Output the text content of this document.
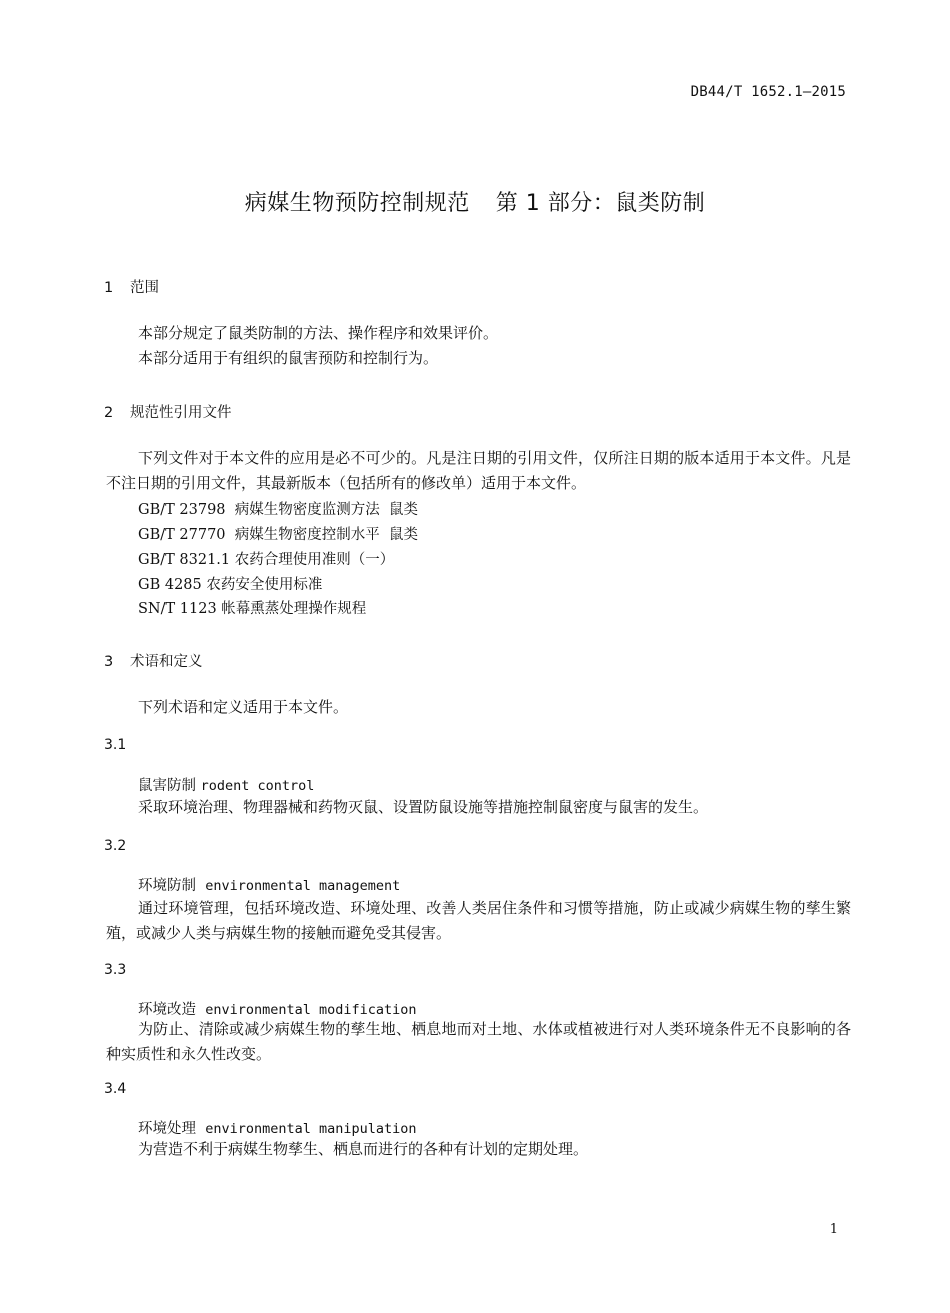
DB44/T 1652.1—2015
病媒生物预防控制规范 第 1 部分：鼠类防制
1 范围
本部分规定了鼠类防制的方法、操作程序和效果评价。
本部分适用于有组织的鼠害预防和控制行为。
2 规范性引用文件
下列文件对于本文件的应用是必不可少的。凡是注日期的引用文件，仅所注日期的版本适用于本文件。凡是不注日期的引用文件，其最新版本（包括所有的修改单）适用于本文件。
GB/T 23798  病媒生物密度监测方法  鼠类
GB/T 27770  病媒生物密度控制水平  鼠类
GB/T 8321.1 农药合理使用准则（一）
GB 4285 农药安全使用标准
SN/T 1123 帐幕熏蒸处理操作规程
3 术语和定义
下列术语和定义适用于本文件。
3.1
鼠害防制 rodent control
采取环境治理、物理器械和药物灭鼠、设置防鼠设施等措施控制鼠密度与鼠害的发生。
3.2
环境防制 environmental management
通过环境管理，包括环境改造、环境处理、改善人类居住条件和习惯等措施，防止或减少病媒生物的孳生繁殖，或减少人类与病媒生物的接触而避免受其侵害。
3.3
环境改造 environmental modification
为防止、清除或减少病媒生物的孳生地、栖息地而对土地、水体或植被进行对人类环境条件无不良影响的各种实质性和永久性改变。
3.4
环境处理 environmental manipulation
为营造不利于病媒生物孳生、栖息而进行的各种有计划的定期处理。
1
